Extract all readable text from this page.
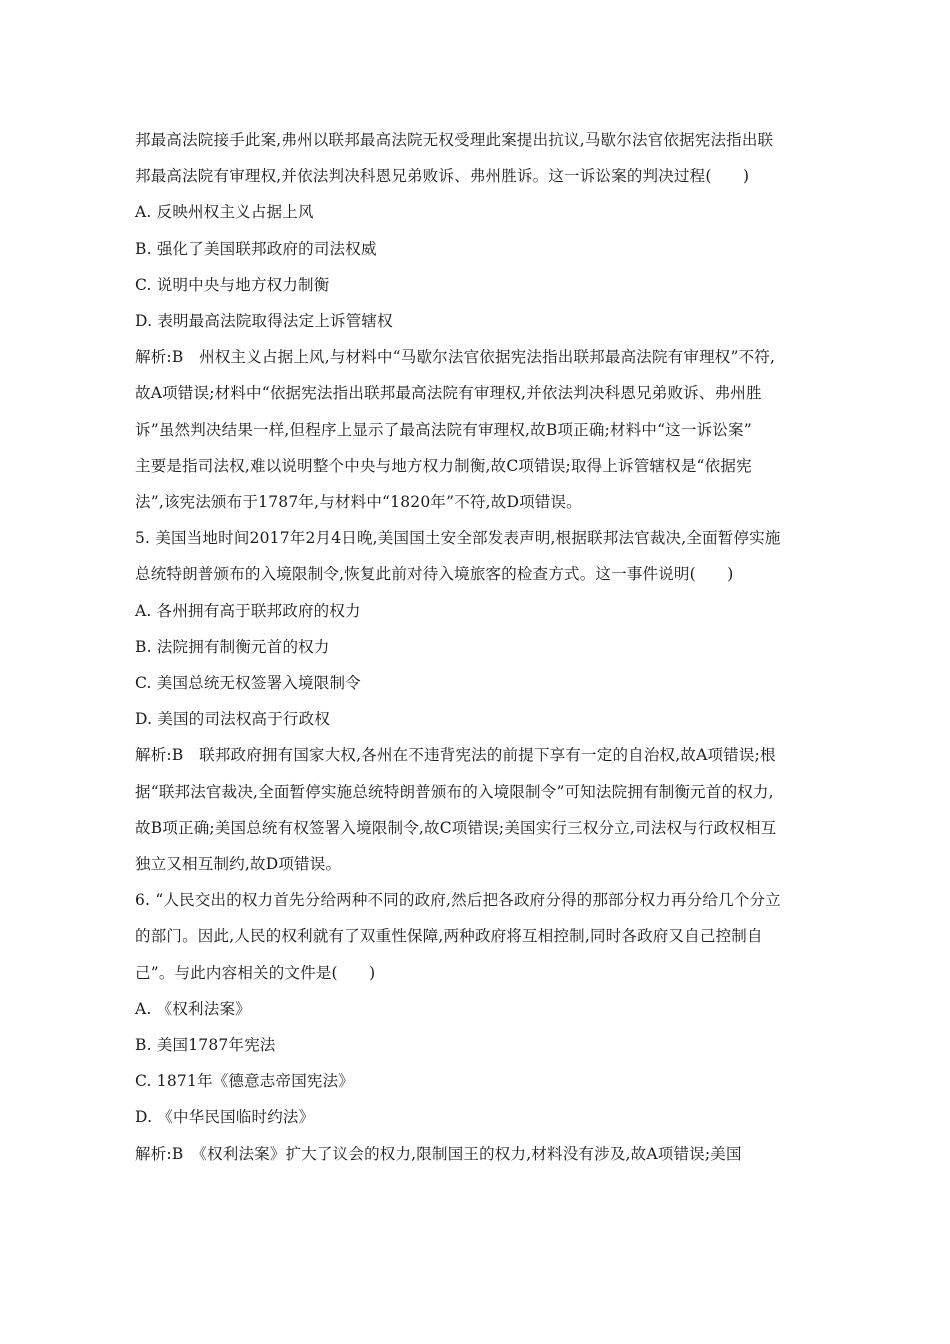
邦最高法院接手此案,弗州以联邦最高法院无权受理此案提出抗议,马歇尔法官依据宪法指出联
邦最高法院有审理权,并依法判决科恩兄弟败诉、弗州胜诉。这一诉讼案的判决过程(　　)
A. 反映州权主义占据上风
B. 强化了美国联邦政府的司法权威
C. 说明中央与地方权力制衡
D. 表明最高法院取得法定上诉管辖权
解析:B　州权主义占据上风,与材料中“马歇尔法官依据宪法指出联邦最高法院有审理权”不符,
故A项错误;材料中“依据宪法指出联邦最高法院有审理权,并依法判决科恩兄弟败诉、弗州胜
诉”虽然判决结果一样,但程序上显示了最高法院有审理权,故B项正确;材料中“这一诉讼案”
主要是指司法权,难以说明整个中央与地方权力制衡,故C项错误;取得上诉管辖权是“依据宪
法”,该宪法颁布于1787年,与材料中“1820年”不符,故D项错误。
5. 美国当地时间2017年2月4日晚,美国国土安全部发表声明,根据联邦法官裁决,全面暂停实施
总统特朗普颁布的入境限制令,恢复此前对待入境旅客的检查方式。这一事件说明(　　)
A. 各州拥有高于联邦政府的权力
B. 法院拥有制衡元首的权力
C. 美国总统无权签署入境限制令
D. 美国的司法权高于行政权
解析:B　联邦政府拥有国家大权,各州在不违背宪法的前提下享有一定的自治权,故A项错误;根
据“联邦法官裁决,全面暂停实施总统特朗普颁布的入境限制令”可知法院拥有制衡元首的权力,
故B项正确;美国总统有权签署入境限制令,故C项错误;美国实行三权分立,司法权与行政权相互
独立又相互制约,故D项错误。
6. “人民交出的权力首先分给两种不同的政府,然后把各政府分得的那部分权力再分给几个分立
的部门。因此,人民的权利就有了双重性保障,两种政府将互相控制,同时各政府又自己控制自
己”。与此内容相关的文件是(　　)
A. 《权利法案》
B. 美国1787年宪法
C. 1871年《德意志帝国宪法》
D. 《中华民国临时约法》
解析:B　《权利法案》扩大了议会的权力,限制国王的权力,材料没有涉及,故A项错误;美国
